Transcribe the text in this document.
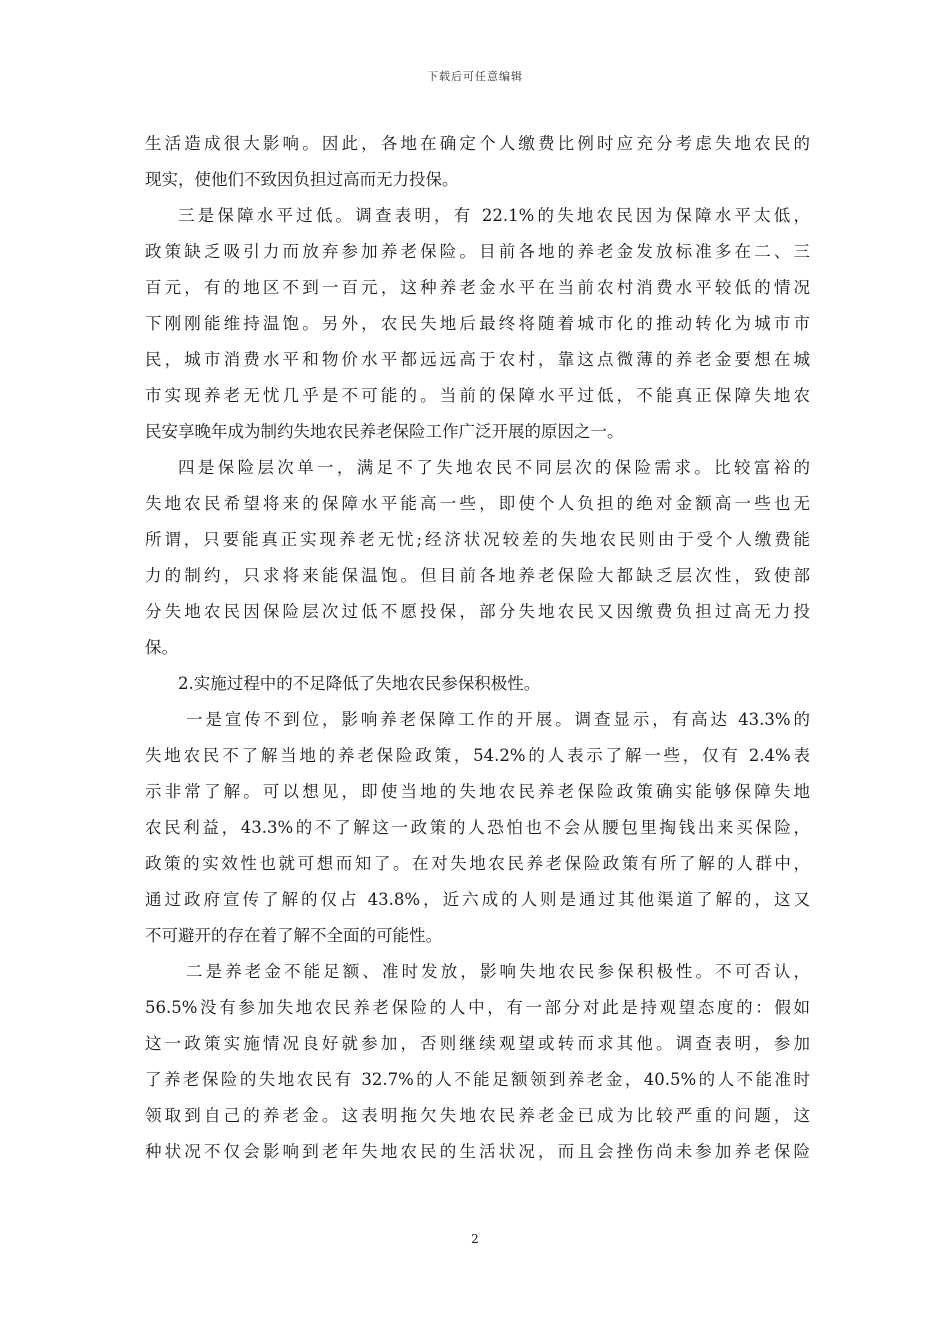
下载后可任意编辑
生活造成很大影响。因此，各地在确定个人缴费比例时应充分考虑失地农民的
现实，使他们不致因负担过高而无力投保。
三是保障水平过低。调查表明，有 22.1%的失地农民因为保障水平太低，
政策缺乏吸引力而放弃参加养老保险。目前各地的养老金发放标准多在二、三
百元，有的地区不到一百元，这种养老金水平在当前农村消费水平较低的情况
下刚刚能维持温饱。另外，农民失地后最终将随着城市化的推动转化为城市市
民，城市消费水平和物价水平都远远高于农村，靠这点微薄的养老金要想在城
市实现养老无忧几乎是不可能的。当前的保障水平过低，不能真正保障失地农
民安享晚年成为制约失地农民养老保险工作广泛开展的原因之一。
四是保险层次单一，满足不了失地农民不同层次的保险需求。比较富裕的
失地农民希望将来的保障水平能高一些，即使个人负担的绝对金额高一些也无
所谓，只要能真正实现养老无忧;经济状况较差的失地农民则由于受个人缴费能
力的制约，只求将来能保温饱。但目前各地养老保险大都缺乏层次性，致使部
分失地农民因保险层次过低不愿投保，部分失地农民又因缴费负担过高无力投
保。
2.实施过程中的不足降低了失地农民参保积极性。
一是宣传不到位，影响养老保障工作的开展。调查显示，有高达 43.3%的
失地农民不了解当地的养老保险政策，54.2%的人表示了解一些，仅有 2.4%表
示非常了解。可以想见，即使当地的失地农民养老保险政策确实能够保障失地
农民利益，43.3%的不了解这一政策的人恐怕也不会从腰包里掏钱出来买保险，
政策的实效性也就可想而知了。在对失地农民养老保险政策有所了解的人群中，
通过政府宣传了解的仅占 43.8%，近六成的人则是通过其他渠道了解的，这又
不可避开的存在着了解不全面的可能性。
二是养老金不能足额、准时发放，影响失地农民参保积极性。不可否认，
56.5%没有参加失地农民养老保险的人中，有一部分对此是持观望态度的：假如
这一政策实施情况良好就参加，否则继续观望或转而求其他。调查表明，参加
了养老保险的失地农民有 32.7%的人不能足额领到养老金，40.5%的人不能准时
领取到自己的养老金。这表明拖欠失地农民养老金已成为比较严重的问题，这
种状况不仅会影响到老年失地农民的生活状况，而且会挫伤尚未参加养老保险
2
